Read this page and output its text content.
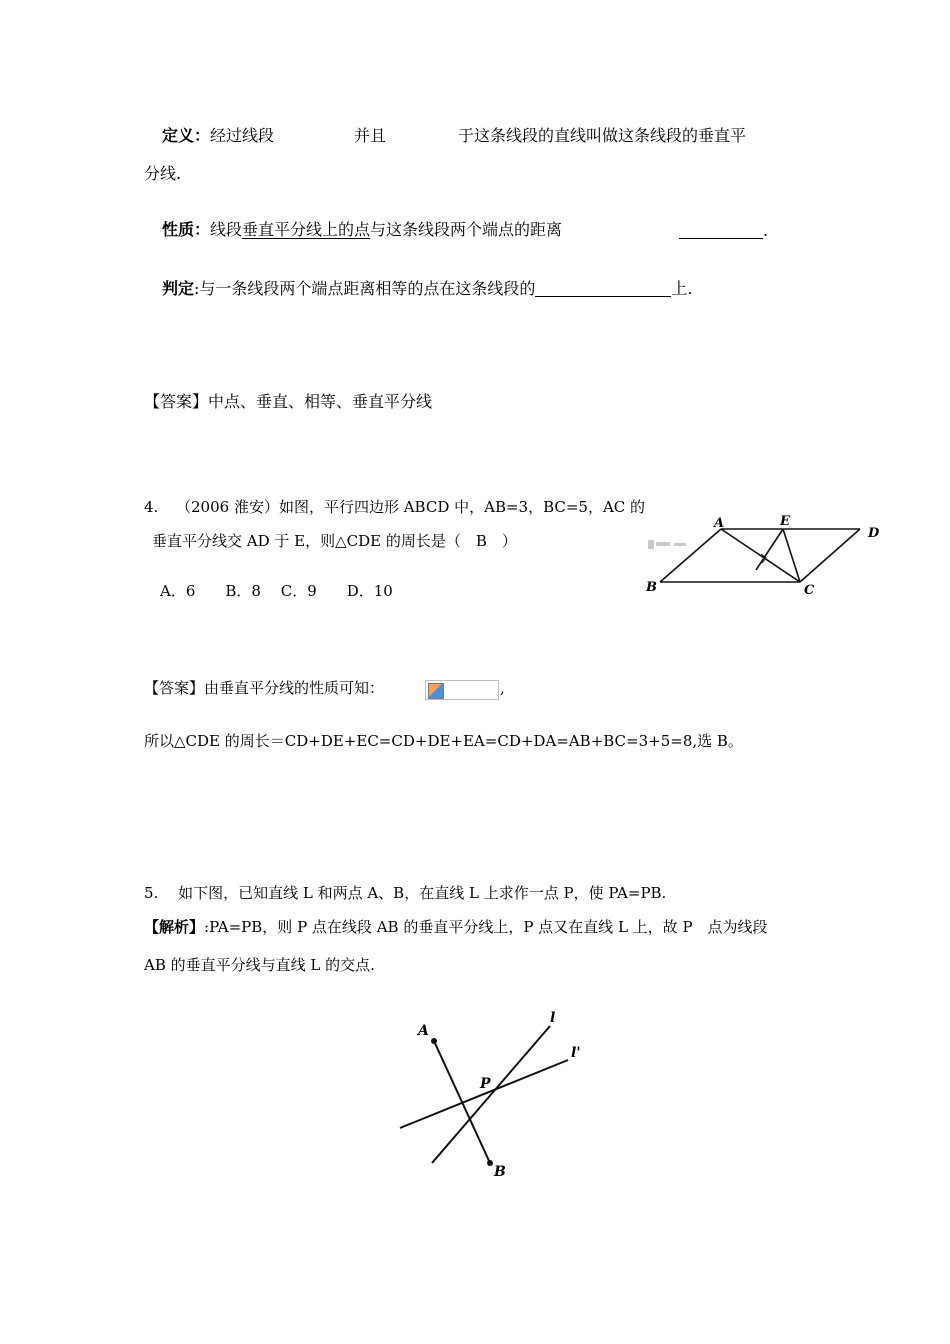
定义：经过线段	并且	于这条线段的直线叫做这条线段的垂直平
分线.
性质：线段垂直平分线上的点与这条线段两个端点的距离	.
判定:与一条线段两个端点距离相等的点在这条线段的	上.
【答案】中点、垂直、相等、垂直平分线
4. （2006 淮安）如图，平行四边形 ABCD 中，AB=3，BC=5，AC 的
垂直平分线交 AD 于 E，则△CDE 的周长是（　B　）
A．6　　B．8　 C．9　　D．10
A	E
D
B	C
【答案】由垂直平分线的性质可知：	,
所以△CDE 的周长＝CD+DE+EC=CD+DE+EA=CD+DA=AB+BC=3+5=8,选 B。
5.　 如下图，已知直线 L 和两点 A、B，在直线 L 上求作一点 P，使 PA=PB.
【解析】:PA=PB，则 P 点在线段 AB 的垂直平分线上，P 点又在直线 L 上，故 P　点为线段
AB 的垂直平分线与直线 L 的交点.
A
B
P
l
l'
